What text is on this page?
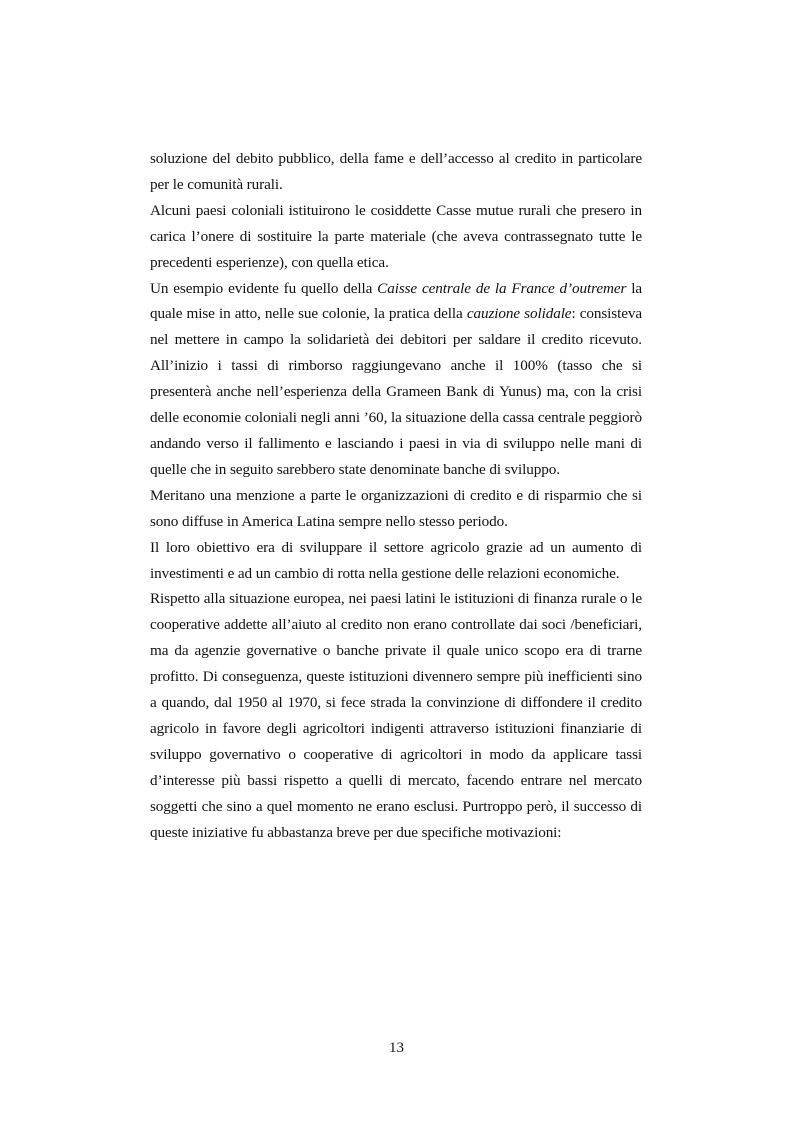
soluzione del debito pubblico, della fame e dell’accesso al credito in particolare per le comunità rurali.

Alcuni paesi coloniali istituirono le cosiddette Casse mutue rurali che presero in carica l’onere di sostituire la parte materiale (che aveva contrassegnato tutte le precedenti esperienze), con quella etica.

Un esempio evidente fu quello della Caisse centrale de la France d’outremer la quale mise in atto, nelle sue colonie, la pratica della cauzione solidale: consisteva nel mettere in campo la solidarietà dei debitori per saldare il credito ricevuto. All’inizio i tassi di rimborso raggiungevano anche il 100% (tasso che si presenterà anche nell’esperienza della Grameen Bank di Yunus) ma, con la crisi delle economie coloniali negli anni ’60, la situazione della cassa centrale peggiorò andando verso il fallimento e lasciando i paesi in via di sviluppo nelle mani di quelle che in seguito sarebbero state denominate banche di sviluppo.

Meritano una menzione a parte le organizzazioni di credito e di risparmio che si sono diffuse in America Latina sempre nello stesso periodo.

Il loro obiettivo era di sviluppare il settore agricolo grazie ad un aumento di investimenti e ad un cambio di rotta nella gestione delle relazioni economiche.

Rispetto alla situazione europea, nei paesi latini le istituzioni di finanza rurale o le cooperative addette all’aiuto al credito non erano controllate dai soci /beneficiari, ma da agenzie governative o banche private il quale unico scopo era di trarne profitto. Di conseguenza, queste istituzioni divennero sempre più inefficienti sino a quando, dal 1950 al 1970, si fece strada la convinzione di diffondere il credito agricolo in favore degli agricoltori indigenti attraverso istituzioni finanziarie di sviluppo governativo o cooperative di agricoltori in modo da applicare tassi d’interesse più bassi rispetto a quelli di mercato, facendo entrare nel mercato soggetti che sino a quel momento ne erano esclusi. Purtroppo però, il successo di queste iniziative fu abbastanza breve per due specifiche motivazioni:

13
